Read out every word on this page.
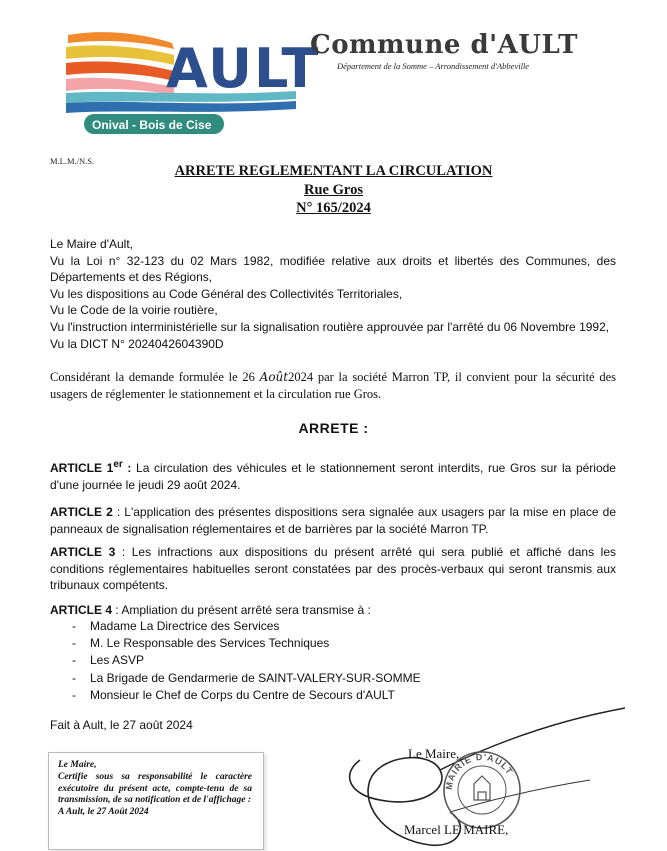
AULT
Onival - Bois de Cise
Commune d'AULT
Département de la Somme – Arrondissement d'Abbeville
M.L.M./N.S.
ARRETE REGLEMENTANT LA CIRCULATION
Rue Gros
N° 165/2024
Le Maire d'Ault,
Vu la Loi n° 32-123 du 02 Mars 1982, modifiée relative aux droits et libertés des Communes, des Départements et des Régions,
Vu les dispositions au Code Général des Collectivités Territoriales,
Vu le Code de la voirie routière,
Vu l'instruction interministérielle sur la signalisation routière approuvée par l'arrêté du 06 Novembre 1992,
Vu la DICT N° 2024042604390D
Considérant la demande formulée le 26 Août2024 par la société Marron TP, il convient pour la sécurité des usagers de réglementer le stationnement et la circulation rue Gros.
ARRETE :
ARTICLE 1er : La circulation des véhicules et le stationnement seront interdits, rue Gros sur la période d'une journée le jeudi 29 août 2024.
ARTICLE 2 : L'application des présentes dispositions sera signalée aux usagers par la mise en place de panneaux de signalisation réglementaires et de barrières par la société Marron TP.
ARTICLE 3 : Les infractions aux dispositions du présent arrêté qui sera publié et affiché dans les conditions réglementaires habituelles seront constatées par des procès-verbaux qui seront transmis aux tribunaux compétents.
ARTICLE 4 : Ampliation du présent arrêté sera transmise à :
- Madame La Directrice des Services
- M. Le Responsable des Services Techniques
- Les ASVP
- La Brigade de Gendarmerie de SAINT-VALERY-SUR-SOMME
- Monsieur le Chef de Corps du Centre de Secours d'AULT
Fait à Ault, le 27 août 2024
Le Maire,
Certifie sous sa responsabilité le caractère exécutoire du présent acte, compte-tenu de sa transmission, de sa notification et de l'affichage :
A Ault, le 27 Août 2024
Le Maire,
MAIRIE D'AULT
Marcel LE MAIRE,
